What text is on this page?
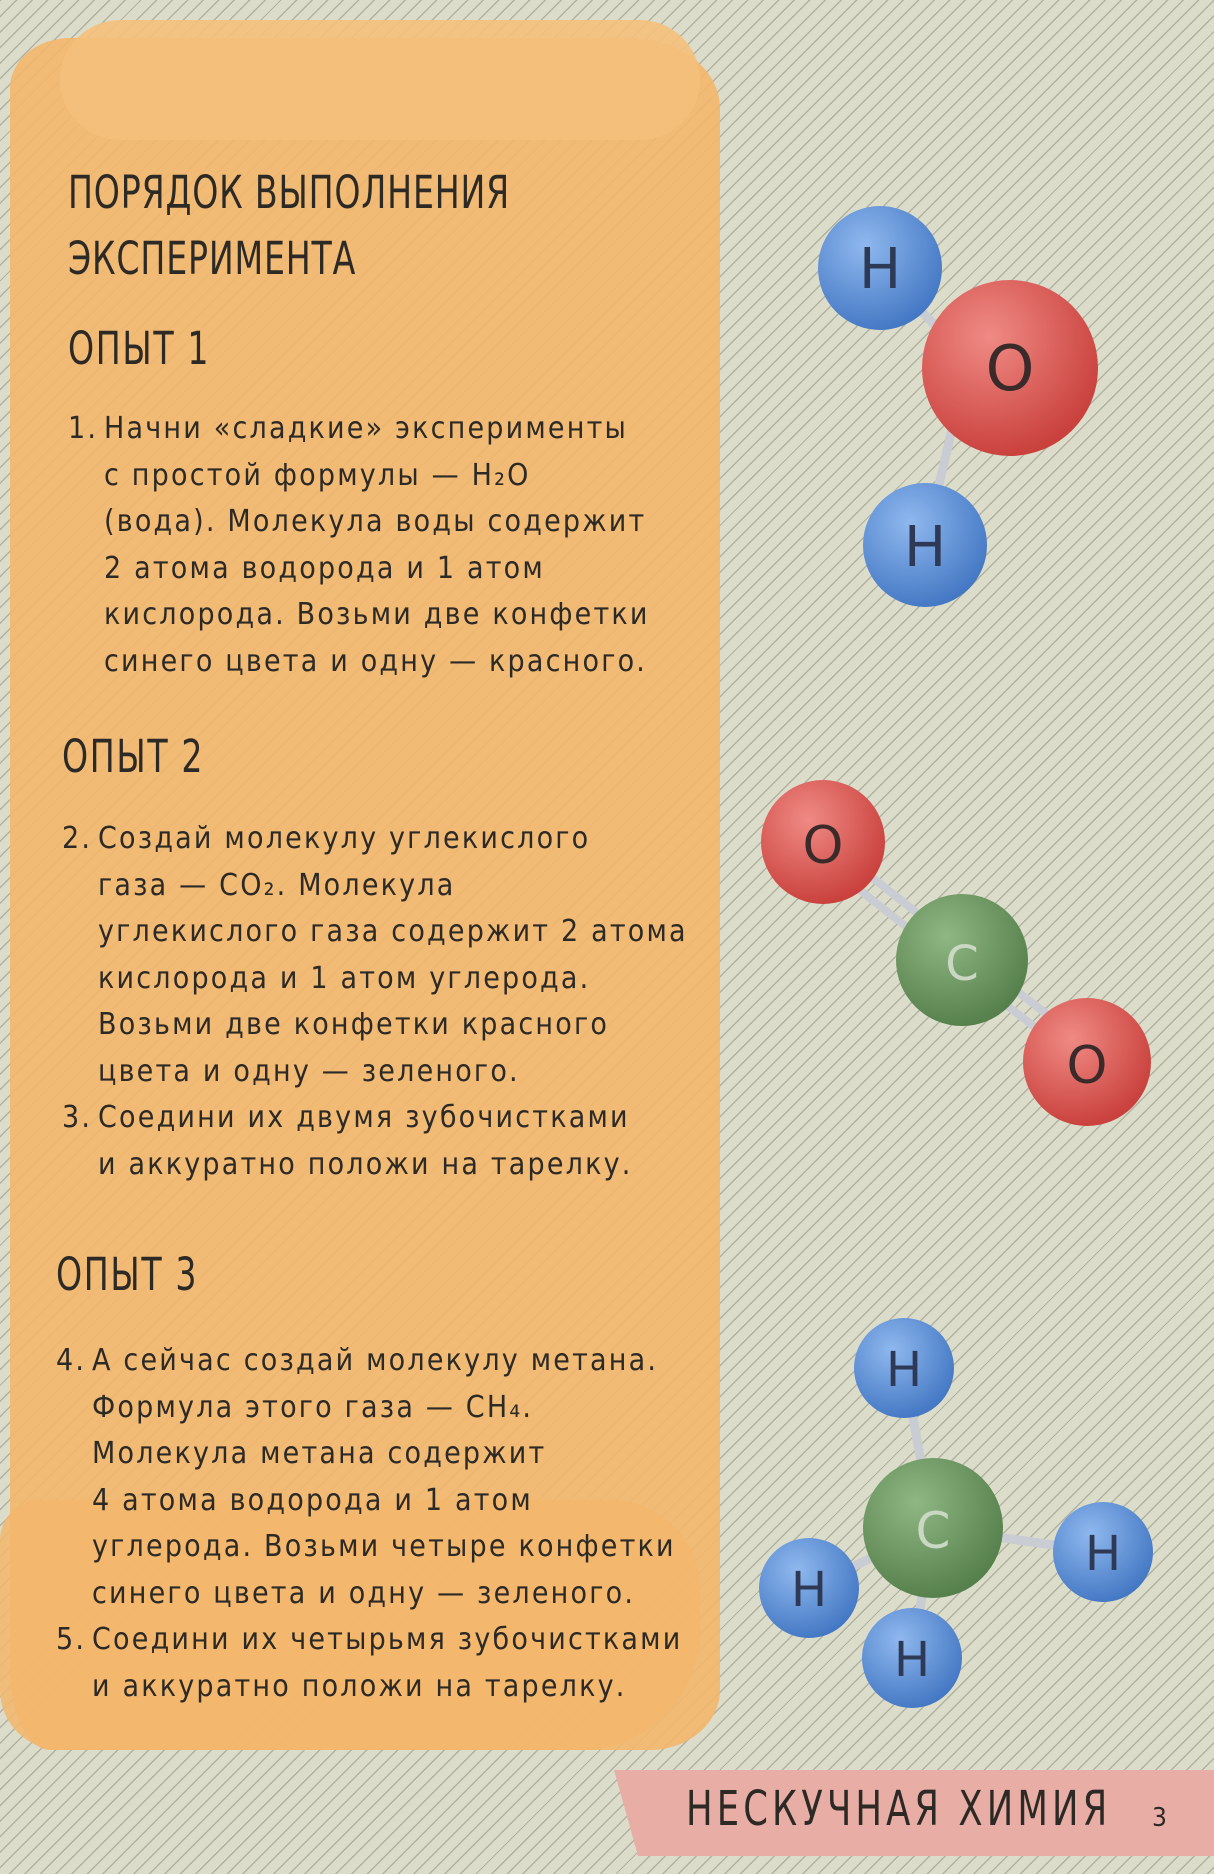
ПОРЯДОК ВЫПОЛНЕНИЯ
ЭКСПЕРИМЕНТА
ОПЫТ 1
1. Начни «сладкие» эксперименты
с простой формулы — H₂O
(вода). Молекула воды содержит
2 атома водорода и 1 атом
кислорода. Возьми две конфетки
синего цвета и одну — красного.
ОПЫТ 2
2. Создай молекулу углекислого
газа — CO₂. Молекула
углекислого газа содержит 2 атома
кислорода и 1 атом углерода.
Возьми две конфетки красного
цвета и одну — зеленого.
3. Соедини их двумя зубочистками
и аккуратно положи на тарелку.
ОПЫТ 3
4. А сейчас создай молекулу метана.
Формула этого газа — CH₄.
Молекула метана содержит
4 атома водорода и 1 атом
углерода. Возьми четыре конфетки
синего цвета и одну — зеленого.
5. Соедини их четырьмя зубочистками
и аккуратно положи на тарелку.
H
O
H
O
C
O
H
C
H
H
H
НЕСКУЧНАЯ ХИМИЯ 3
